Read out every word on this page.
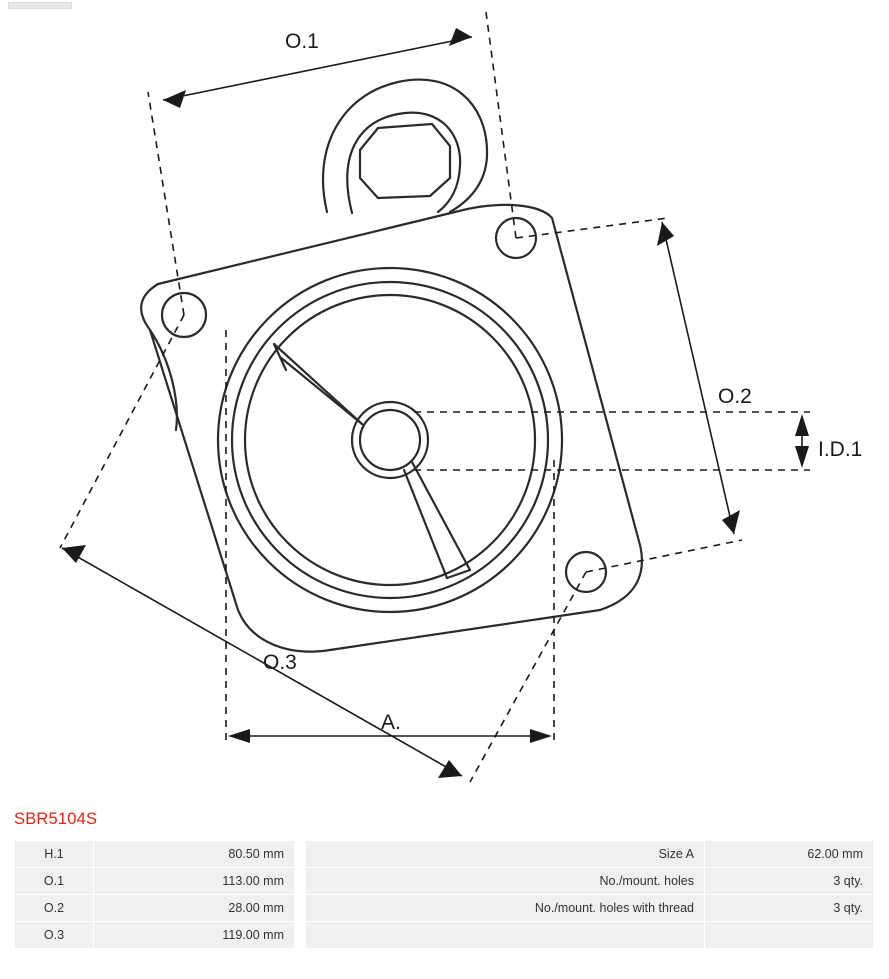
O.1
O.2
O.3
I.D.1
A.
SBR5104S
H.1	80.50 mm		Size A	62.00 mm
O.1	113.00 mm		No./mount. holes	3 qty.
O.2	28.00 mm		No./mount. holes with thread	3 qty.
O.3	119.00 mm			
